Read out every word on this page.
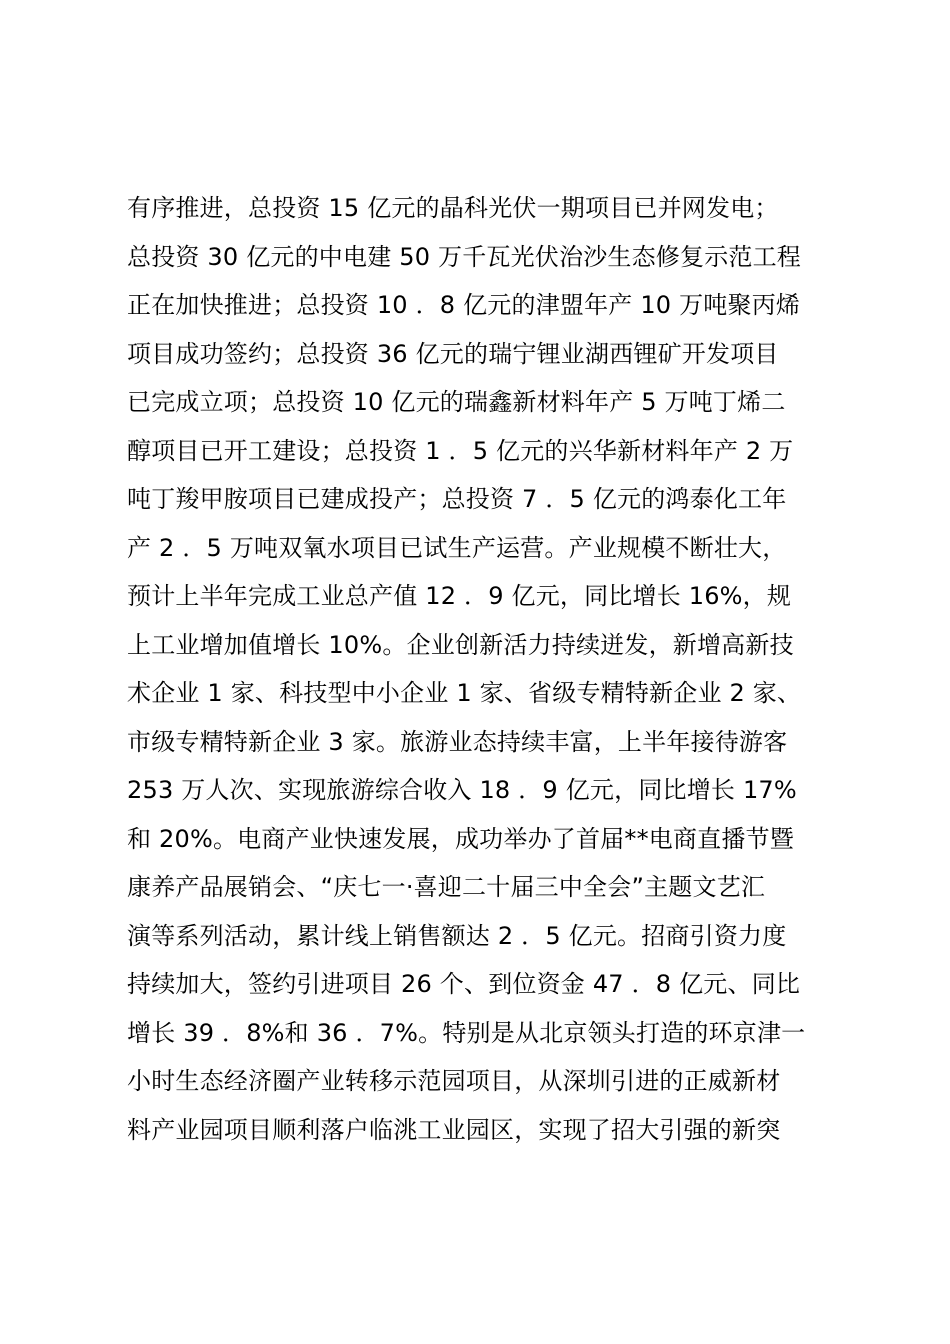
有序推进，总投资 15 亿元的晶科光伏一期项目已并网发电；
总投资 30 亿元的中电建 50 万千瓦光伏治沙生态修复示范工程
正在加快推进；总投资 10 ．8 亿元的津盟年产 10 万吨聚丙烯
项目成功签约；总投资 36 亿元的瑞宁锂业湖西锂矿开发项目
已完成立项；总投资 10 亿元的瑞鑫新材料年产 5 万吨丁烯二
醇项目已开工建设；总投资 1 ．5 亿元的兴华新材料年产 2 万
吨丁羧甲胺项目已建成投产；总投资 7 ．5 亿元的鸿泰化工年
产 2 ．5 万吨双氧水项目已试生产运营。产业规模不断壮大，
预计上半年完成工业总产值 12 ．9 亿元，同比增长 16%，规
上工业增加值增长 10%。企业创新活力持续迸发，新增高新技
术企业 1 家、科技型中小企业 1 家、省级专精特新企业 2 家、
市级专精特新企业 3 家。旅游业态持续丰富，上半年接待游客
253 万人次、实现旅游综合收入 18 ．9 亿元，同比增长 17%
和 20%。电商产业快速发展，成功举办了首届**电商直播节暨
康养产品展销会、“庆七一·喜迎二十届三中全会”主题文艺汇
演等系列活动，累计线上销售额达 2 ．5 亿元。招商引资力度
持续加大，签约引进项目 26 个、到位资金 47 ．8 亿元、同比
增长 39 ．8%和 36 ．7%。特别是从北京领头打造的环京津一
小时生态经济圈产业转移示范园项目，从深圳引进的正威新材
料产业园项目顺利落户临洮工业园区，实现了招大引强的新突
